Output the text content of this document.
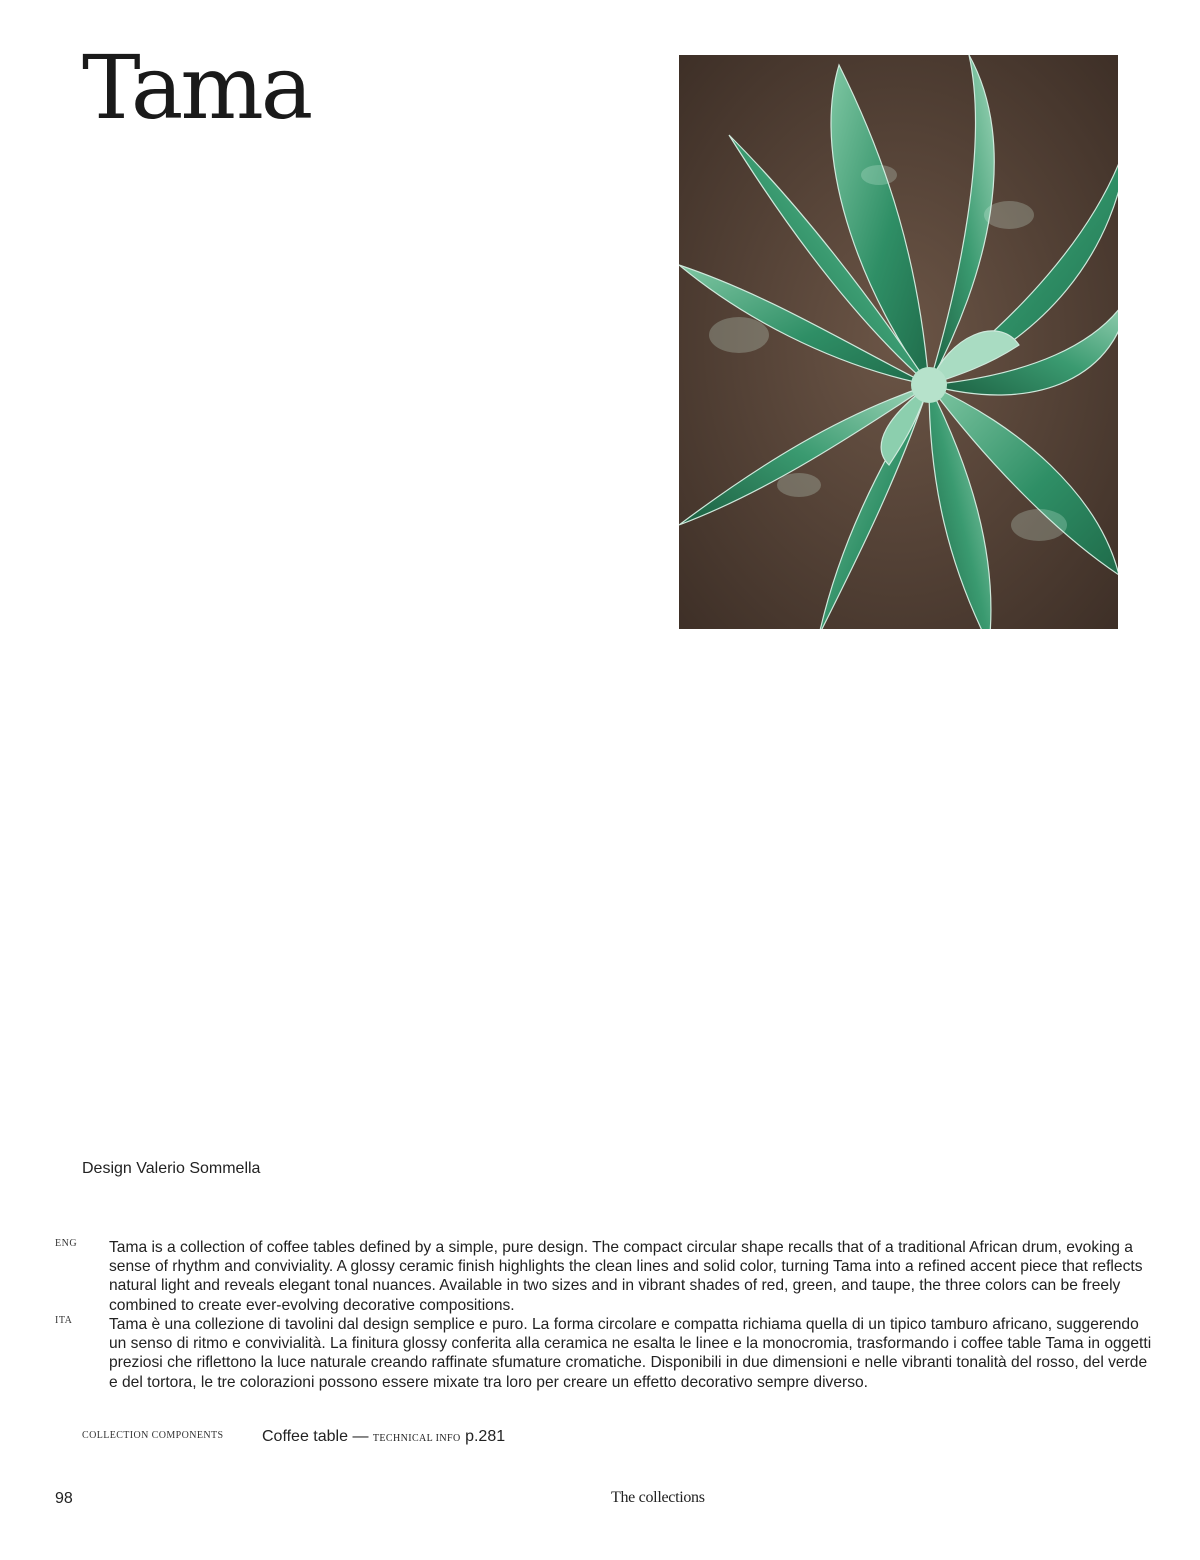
Tama
Design Valerio Sommella
ENG Tama is a collection of coffee tables defined by a simple, pure design. The compact circular shape recalls that of a traditional African drum, evoking a sense of rhythm and conviviality. A glossy ceramic finish highlights the clean lines and solid color, turning Tama into a refined accent piece that reflects natural light and reveals elegant tonal nuances. Available in two sizes and in vibrant shades of red, green, and taupe, the three colors can be freely combined to create ever-evolving decorative compositions.

ITA Tama è una collezione di tavolini dal design semplice e puro. La forma circolare e compatta richiama quella di un tipico tamburo africano, suggerendo un senso di ritmo e convivialità. La finitura glossy conferita alla ceramica ne esalta le linee e la monocromia, trasformando i coffee table Tama in oggetti preziosi che riflettono la luce naturale creando raffinate sfumature cromatiche. Disponibili in due dimensioni e nelle vibranti tonalità del rosso, del verde e del tortora, le tre colorazioni possono essere mixate tra loro per creare un effetto decorativo sempre diverso.

COLLECTION COMPONENTS Coffee table — TECHNICAL INFO p.281
98	The collections
